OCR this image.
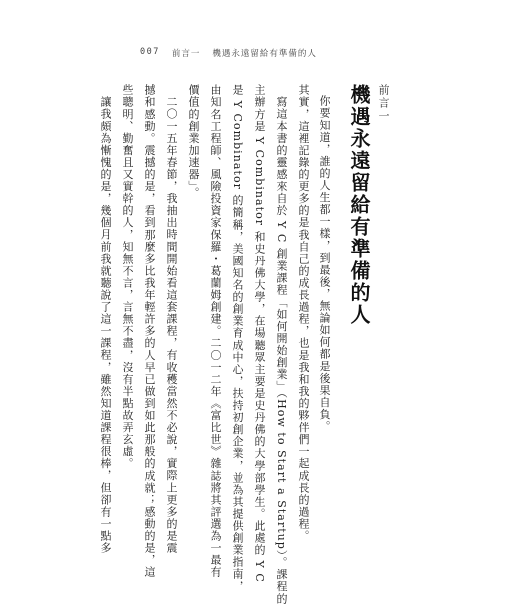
007 前言一 機遇永遠留給有準備的人
前言一
機遇永遠留給有準備的人
你要知道，誰的人生都一樣，到最後，無論如何都是後果自負。
其實，這裡記錄的更多的是我自己的成長過程，也是我和我的夥伴們一起成長的過程。
寫這本書的靈感來自於 Y C 創業課程「如何開始創業」（How to Start a Startup）。課程的
主辦方是 Y Combinator 和史丹佛大學，在場聽眾主要是史丹佛的大學部學生。此處的 Y C
是 Y Combinator 的簡稱，美國知名的創業育成中心，扶持初創企業，並為其提供創業指南，
由知名工程師、風險投資家保羅・葛蘭姆創建。二〇一二年《富比世》雜誌將其評選為一最有
價值的創業加速器」。
二〇一五年春節，我抽出時間開始看這套課程，有收穫當然不必說，實際上更多的是震
撼和感動。震撼的是，看到那麼多比我年輕許多的人早已做到如此那般的成就；感動的是，這
些聰明、勤奮且又實幹的人，知無不言，言無不盡，沒有半點故弄玄虛。
讓我頗為慚愧的是，幾個月前我就聽說了這一課程，雖然知道課程很棒，但卻有一點多
